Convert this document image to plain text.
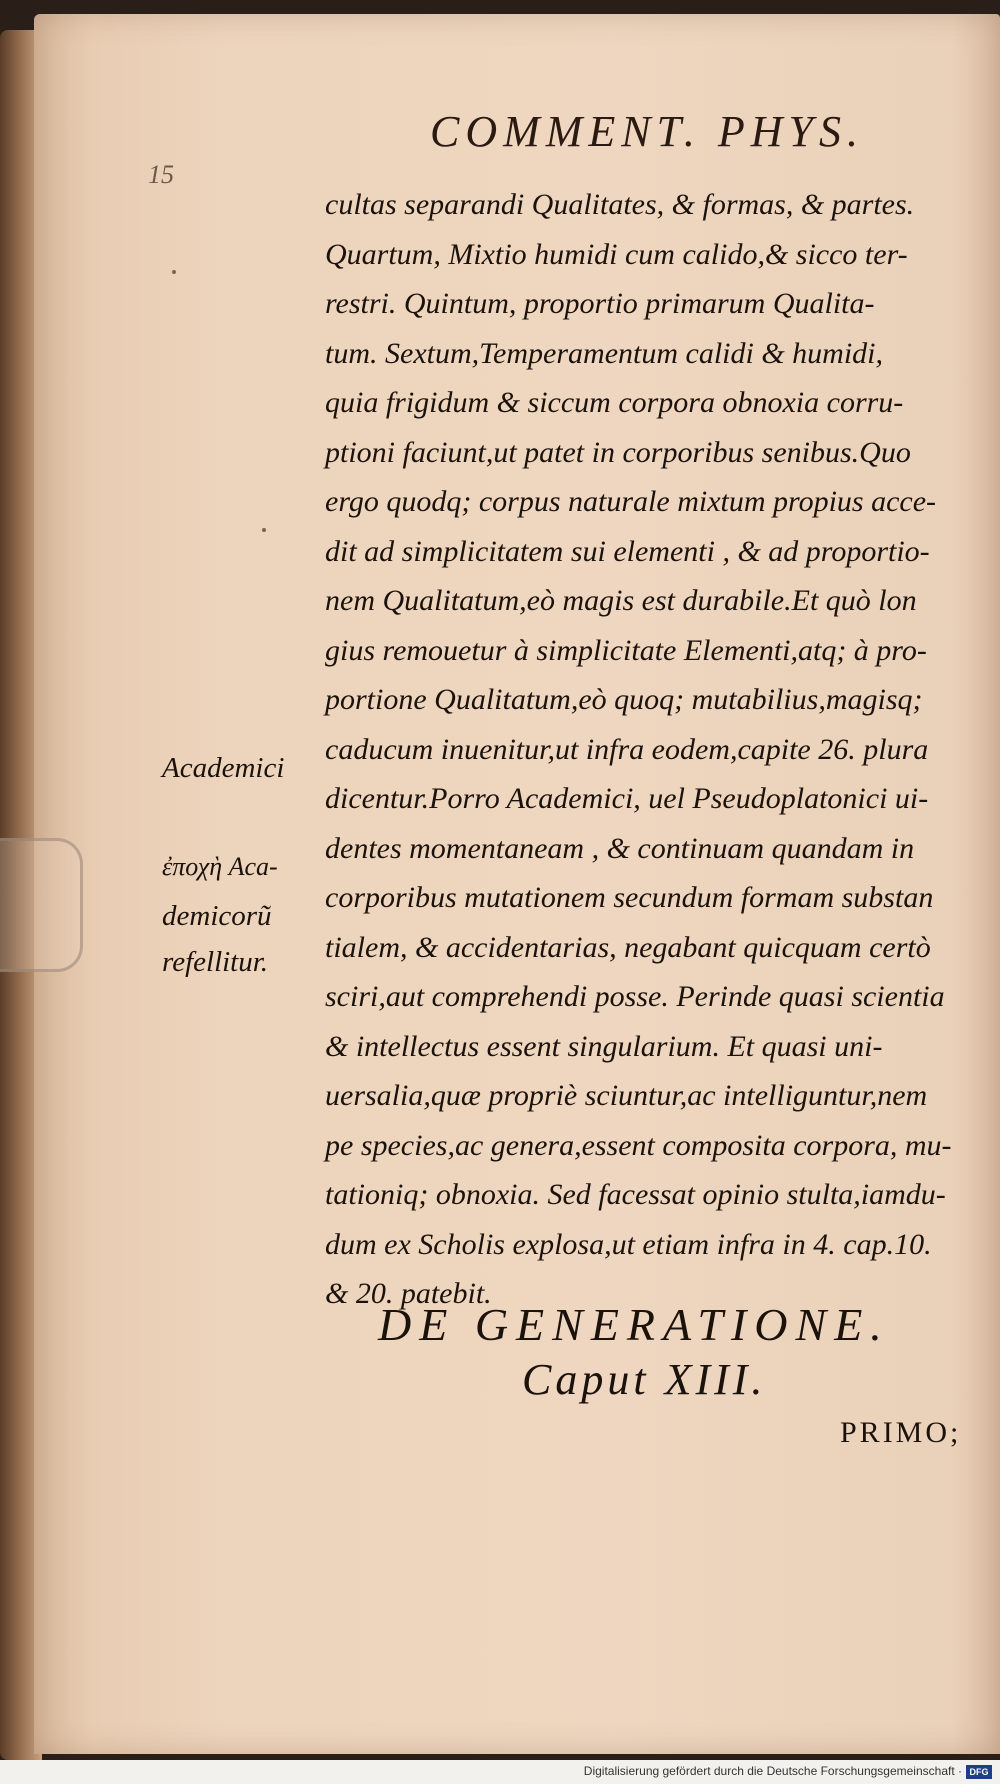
15
COMMENT. PHYS.
cultas separandi Qualitates, & formas, & partes.
Quartum, Mixtio humidi cum calido,& sicco ter-
restri. Quintum, proportio primarum Qualita-
tum. Sextum,Temperamentum calidi & humidi,
quia frigidum & siccum corpora obnoxia corru-
ptioni faciunt,ut patet in corporibus senibus.Quo
ergo quodq; corpus naturale mixtum propius acce-
dit ad simplicitatem sui elementi , & ad proportio-
nem Qualitatum,eò magis est durabile.Et quò lon
gius remouetur à simplicitate Elementi,atq; à pro-
portione Qualitatum,eò quoq; mutabilius,magisq;
caducum inuenitur,ut infra eodem,capite 26. plura
dicentur.Porro Academici, uel Pseudoplatonici ui-
dentes momentaneam , & continuam quandam in
corporibus mutationem secundum formam substan
tialem, & accidentarias, negabant quicquam certò
sciri,aut comprehendi posse. Perinde quasi scientia
& intellectus essent singularium. Et quasi uni-
uersalia,quæ propriè sciuntur,ac intelliguntur,nem
pe species,ac genera,essent composita corpora, mu-
tationiq; obnoxia. Sed facessat opinio stulta,iamdu-
dum ex Scholis explosa,ut etiam infra in 4. cap.10.
& 20. patebit.
Academici
ἐποχὴ Aca-
demicorũ
refellitur.
DE GENERATIONE.
Caput XIII.
PRIMO;
Digitalisierung gefördert durch die Deutsche Forschungsgemeinschaft · DFG
